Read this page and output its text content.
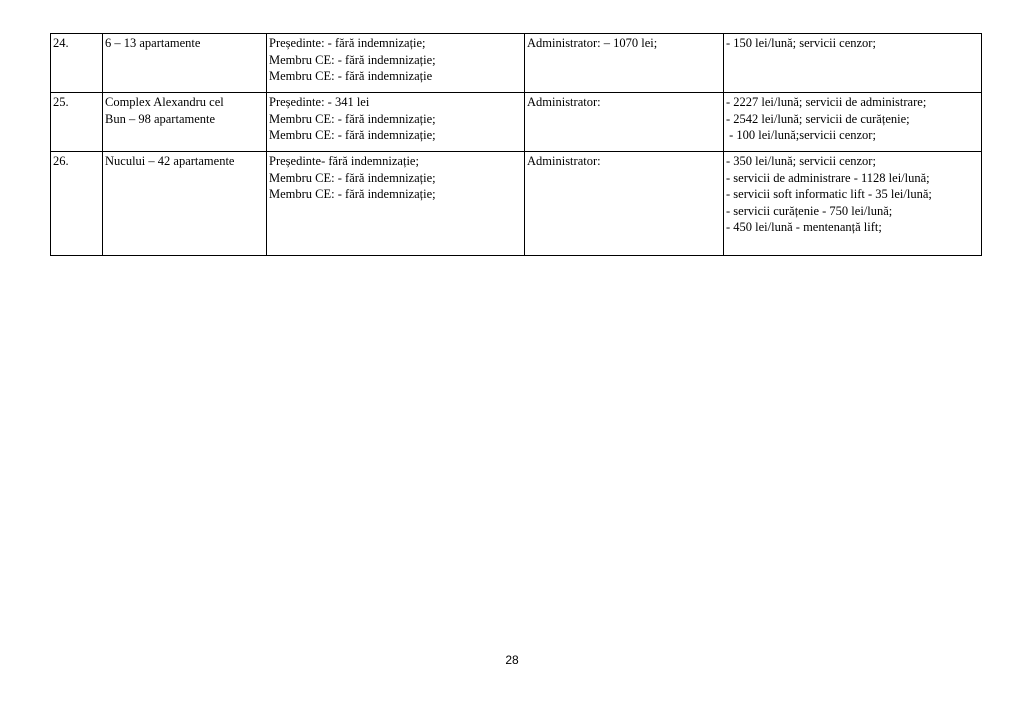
24.	6 – 13 apartamente	Președinte: - fără indemnizație;
Membru CE: - fără indemnizație;
Membru CE: - fără indemnizație	Administrator: – 1070 lei;	- 150 lei/lună; servicii cenzor;

25.	Complex Alexandru cel
Bun – 98 apartamente	Președinte: - 341 lei
Membru CE: - fără indemnizație;
Membru CE: - fără indemnizație;	Administrator:	- 2227 lei/lună; servicii de administrare;
- 2542 lei/lună; servicii de curățenie;
- 100 lei/lună;servicii cenzor;

26.	Nucului – 42 apartamente	Președinte- fără indemnizație;
Membru CE: - fără indemnizație;
Membru CE: - fără indemnizație;	Administrator:	- 350 lei/lună; servicii cenzor;
- servicii de administrare - 1128 lei/lună;
- servicii soft informatic lift - 35 lei/lună;
- servicii curățenie - 750 lei/lună;
- 450 lei/lună - mentenanță lift;
28
